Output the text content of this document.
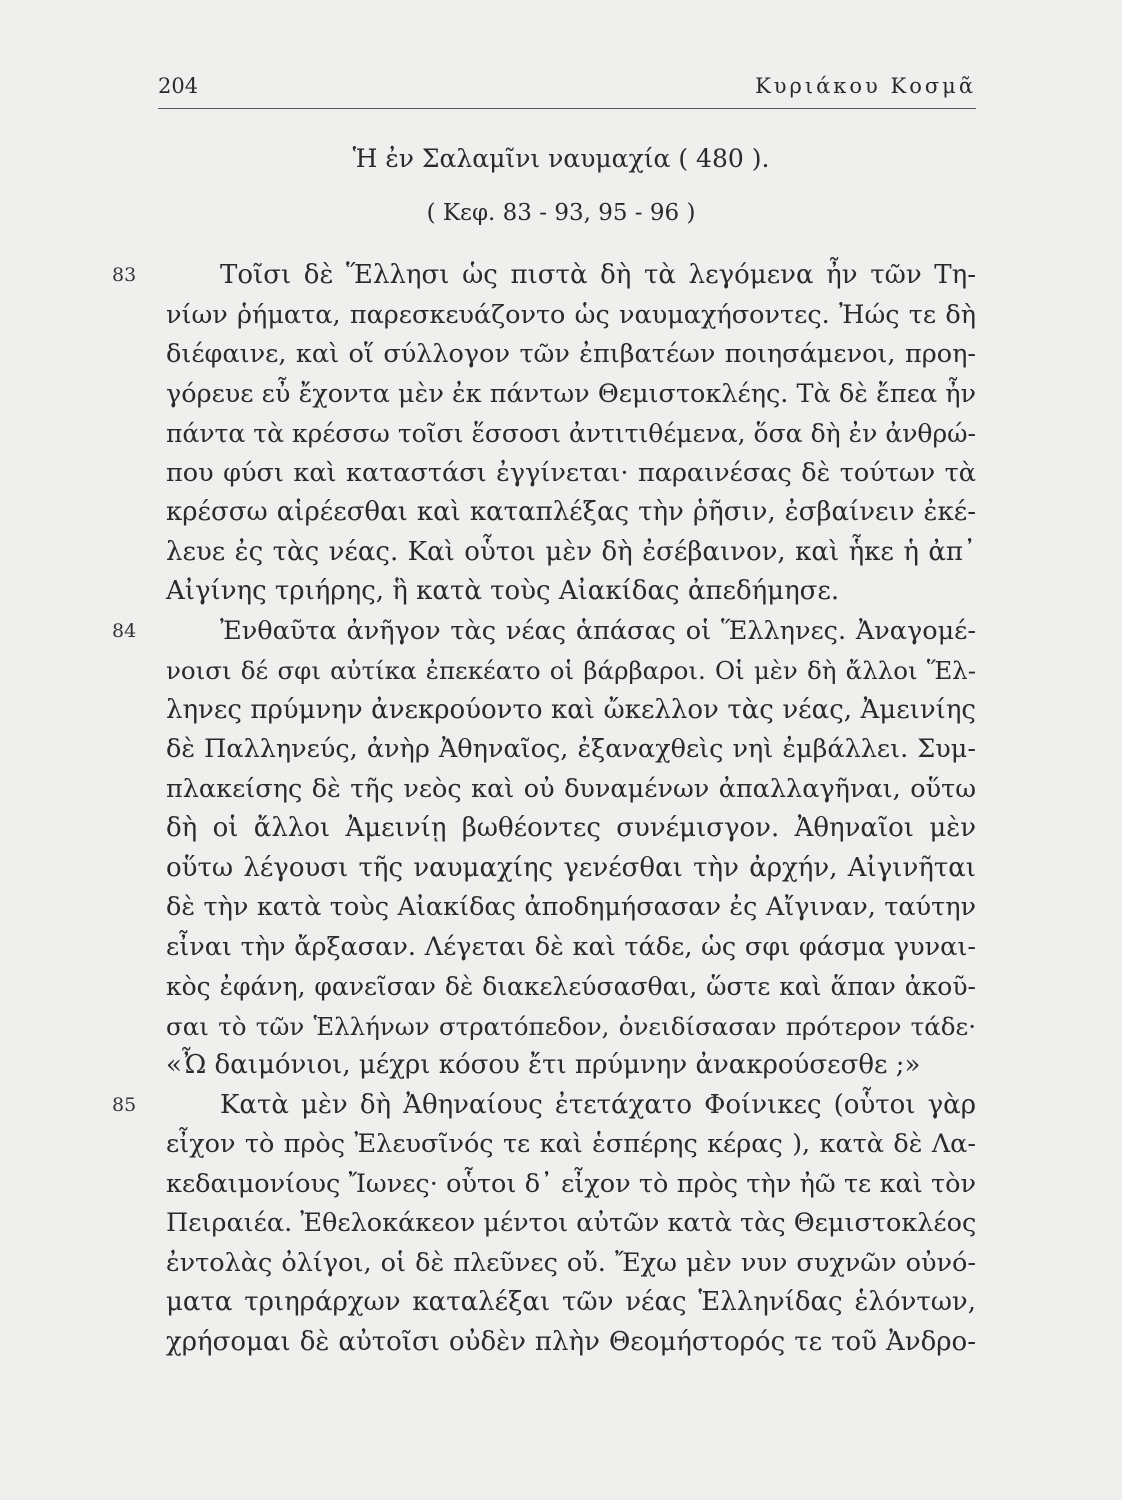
204	Κυριάκου Κοσμᾶ
Ἡ ἐν Σαλαμῖνι ναυμαχία ( 480 ).
( Κεφ. 83 - 93, 95 - 96 )
83	Τοῖσι δὲ Ἕλλησι ὡς πιστὰ δὴ τὰ λεγόμενα ἦν τῶν Τη-
νίων ῥήματα, παρεσκευάζοντο ὡς ναυμαχήσοντες. Ἠώς τε δὴ
διέφαινε, καὶ οἵ σύλλογον τῶν ἐπιβατέων ποιησάμενοι, προη-
γόρευε εὖ ἔχοντα μὲν ἐκ πάντων Θεμιστοκλέης. Τὰ δὲ ἔπεα ἦν
πάντα τὰ κρέσσω τοῖσι ἕσσοσι ἀντιτιθέμενα, ὅσα δὴ ἐν ἀνθρώ-
που φύσι καὶ καταστάσι ἐγγίνεται· παραινέσας δὲ τούτων τὰ
κρέσσω αἱρέεσθαι καὶ καταπλέξας τὴν ῥῆσιν, ἐσβαίνειν ἐκέ-
λευε ἐς τὰς νέας. Καὶ οὗτοι μὲν δὴ ἐσέβαινον, καὶ ἧκε ἡ ἀπ᾿
Αἰγίνης τριήρης, ἣ κατὰ τοὺς Αἰακίδας ἀπεδήμησε.
84	Ἐνθαῦτα ἀνῆγον τὰς νέας ἁπάσας οἱ Ἕλληνες. Ἀναγομέ-
νοισι δέ σφι αὐτίκα ἐπεκέατο οἱ βάρβαροι. Οἱ μὲν δὴ ἄλλοι Ἕλ-
ληνες πρύμνην ἀνεκρούοντο καὶ ὤκελλον τὰς νέας, Ἀμεινίης
δὲ Παλληνεύς, ἀνὴρ Ἀθηναῖος, ἐξαναχθεὶς νηὶ ἐμβάλλει. Συμ-
πλακείσης δὲ τῆς νεὸς καὶ οὐ δυναμένων ἀπαλλαγῆναι, οὕτω
δὴ οἱ ἄλλοι Ἀμεινίῃ βωθέοντες συνέμισγον. Ἀθηναῖοι μὲν
οὕτω λέγουσι τῆς ναυμαχίης γενέσθαι τὴν ἀρχήν, Αἰγινῆται
δὲ τὴν κατὰ τοὺς Αἰακίδας ἀποδημήσασαν ἐς Αἴγιναν, ταύτην
εἶναι τὴν ἄρξασαν. Λέγεται δὲ καὶ τάδε, ὡς σφι φάσμα γυναι-
κὸς ἐφάνη, φανεῖσαν δὲ διακελεύσασθαι, ὥστε καὶ ἅπαν ἀκοῦ-
σαι τὸ τῶν Ἑλλήνων στρατόπεδον, ὀνειδίσασαν πρότερον τάδε·
«Ὦ δαιμόνιοι, μέχρι κόσου ἔτι πρύμνην ἀνακρούσεσθε ;»
85	Κατὰ μὲν δὴ Ἀθηναίους ἐτετάχατο Φοίνικες (οὗτοι γὰρ
εἶχον τὸ πρὸς Ἐλευσῖνός τε καὶ ἑσπέρης κέρας ), κατὰ δὲ Λα-
κεδαιμονίους Ἴωνες· οὗτοι δ᾿ εἶχον τὸ πρὸς τὴν ἠῶ τε καὶ τὸν
Πειραιέα. Ἐθελοκάκεον μέντοι αὐτῶν κατὰ τὰς Θεμιστοκλέος
ἐντολὰς ὀλίγοι, οἱ δὲ πλεῦνες οὔ. Ἔχω μὲν νυν συχνῶν οὐνό-
ματα τριηράρχων καταλέξαι τῶν νέας Ἑλληνίδας ἑλόντων,
χρήσομαι δὲ αὐτοῖσι οὐδὲν πλὴν Θεομήστορός τε τοῦ Ἀνδρο-
